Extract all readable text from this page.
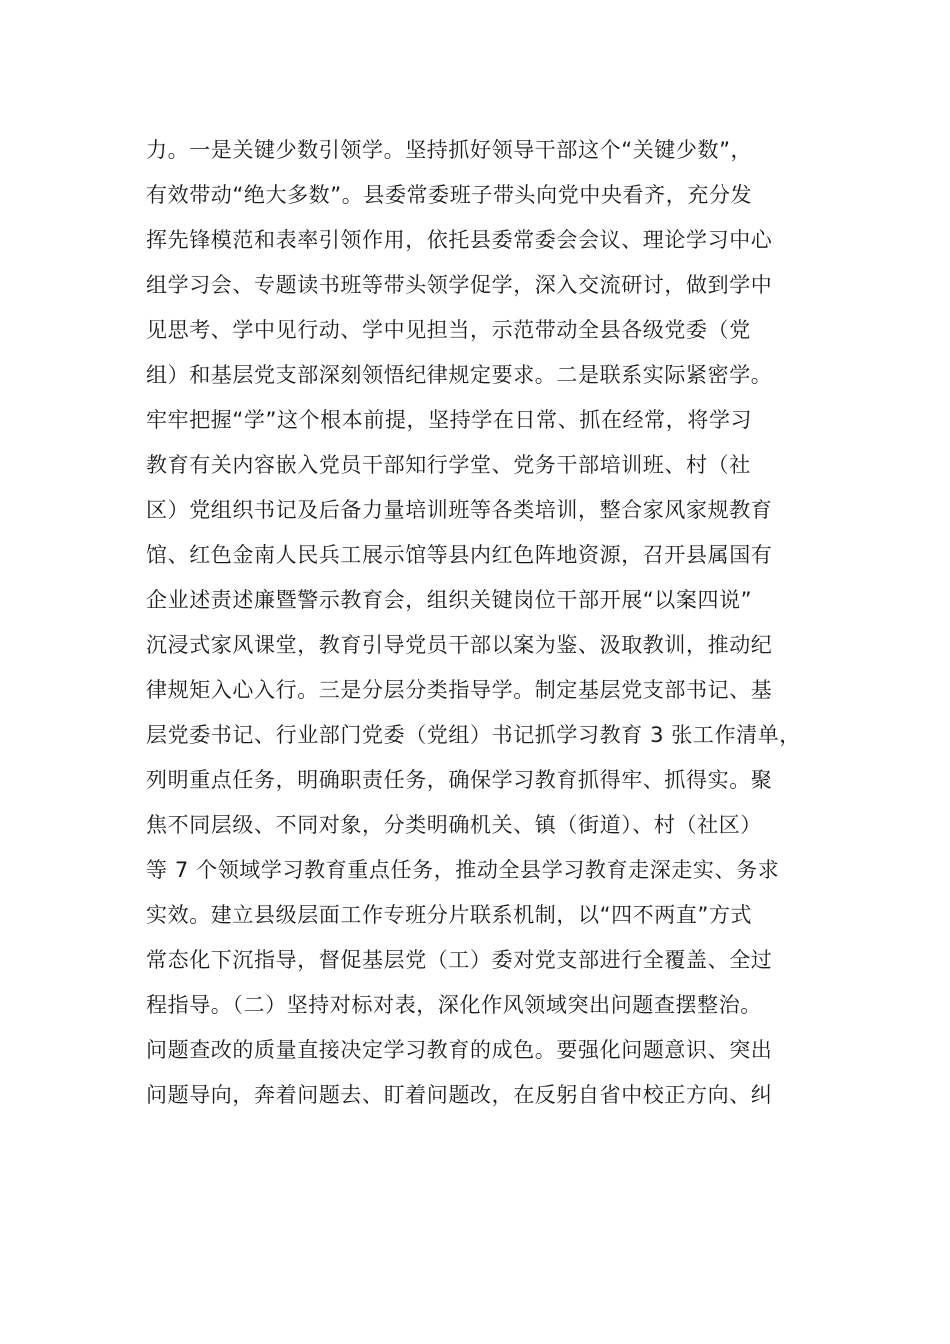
力。一是关键少数引领学。坚持抓好领导干部这个“关键少数”，
有效带动“绝大多数”。县委常委班子带头向党中央看齐，充分发
挥先锋模范和表率引领作用，依托县委常委会会议、理论学习中心
组学习会、专题读书班等带头领学促学，深入交流研讨，做到学中
见思考、学中见行动、学中见担当，示范带动全县各级党委（党
组）和基层党支部深刻领悟纪律规定要求。二是联系实际紧密学。
牢牢把握“学”这个根本前提，坚持学在日常、抓在经常，将学习
教育有关内容嵌入党员干部知行学堂、党务干部培训班、村（社
区）党组织书记及后备力量培训班等各类培训，整合家风家规教育
馆、红色金南人民兵工展示馆等县内红色阵地资源，召开县属国有
企业述责述廉暨警示教育会，组织关键岗位干部开展“以案四说”
沉浸式家风课堂，教育引导党员干部以案为鉴、汲取教训，推动纪
律规矩入心入行。三是分层分类指导学。制定基层党支部书记、基
层党委书记、行业部门党委（党组）书记抓学习教育 3 张工作清单，
列明重点任务，明确职责任务，确保学习教育抓得牢、抓得实。聚
焦不同层级、不同对象，分类明确机关、镇（街道）、村（社区）
等 7 个领域学习教育重点任务，推动全县学习教育走深走实、务求
实效。建立县级层面工作专班分片联系机制，以“四不两直”方式
常态化下沉指导，督促基层党（工）委对党支部进行全覆盖、全过
程指导。（二）坚持对标对表，深化作风领域突出问题查摆整治。
问题查改的质量直接决定学习教育的成色。要强化问题意识、突出
问题导向，奔着问题去、盯着问题改，在反躬自省中校正方向、纠
